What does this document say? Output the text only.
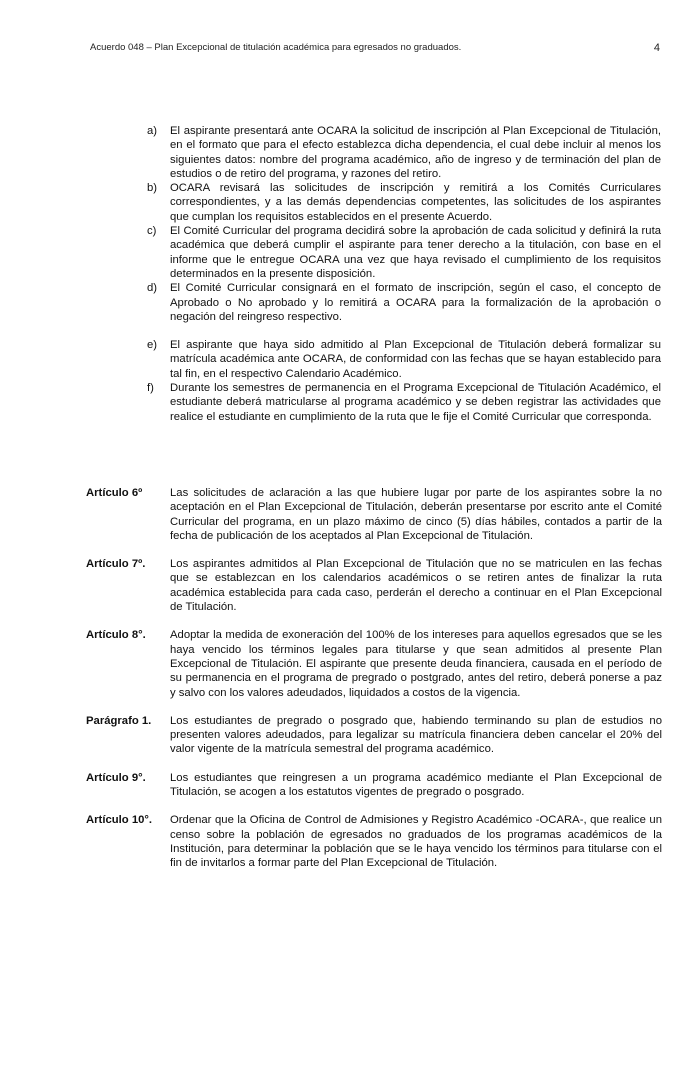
Acuerdo 048 – Plan Excepcional de titulación académica para egresados no graduados.	4
a)	El aspirante presentará ante OCARA la solicitud de inscripción al Plan Excepcional de Titulación, en el formato que para el efecto establezca dicha dependencia, el cual debe incluir al menos los siguientes datos: nombre del programa académico, año de ingreso y de terminación del plan de estudios o de retiro del programa, y razones del retiro.
b)	OCARA revisará las solicitudes de inscripción y remitirá a los Comités Curriculares correspondientes, y a las demás dependencias competentes, las solicitudes de los aspirantes que cumplan los requisitos establecidos en el presente Acuerdo.
c)	El Comité Curricular del programa decidirá sobre la aprobación de cada solicitud y definirá la ruta académica que deberá cumplir el aspirante para tener derecho a la titulación, con base en el informe que le entregue OCARA una vez que haya revisado el cumplimiento de los requisitos determinados en la presente disposición.
d)	El Comité Curricular consignará en el formato de inscripción, según el caso, el concepto de Aprobado o No aprobado y lo remitirá a OCARA para la formalización de la aprobación o negación del reingreso respectivo.
e)	El aspirante que haya sido admitido al Plan Excepcional de Titulación deberá formalizar su matrícula académica ante OCARA, de conformidad con las fechas que se hayan establecido para tal fin, en el respectivo Calendario Académico.
f)	Durante los semestres de permanencia en el Programa Excepcional de Titulación Académico, el estudiante deberá matricularse al programa académico y se deben registrar las actividades que realice el estudiante en cumplimiento de la ruta que le fije el Comité Curricular que corresponda.
Artículo 6º	Las solicitudes de aclaración a las que hubiere lugar por parte de los aspirantes sobre la no aceptación en el Plan Excepcional de Titulación, deberán presentarse por escrito ante el Comité Curricular del programa, en un plazo máximo de cinco (5) días hábiles, contados a partir de la fecha de publicación de los aceptados al Plan Excepcional de Titulación.
Artículo 7º.	Los aspirantes admitidos al Plan Excepcional de Titulación que no se matriculen en las fechas que se establezcan en los calendarios académicos o se retiren antes de finalizar la ruta académica establecida para cada caso, perderán el derecho a continuar en el Plan Excepcional de Titulación.
Artículo 8°.	Adoptar la medida de exoneración del 100% de los intereses para aquellos egresados que se les haya vencido los términos legales para titularse y que sean admitidos al presente Plan Excepcional de Titulación. El aspirante que presente deuda financiera, causada en el período de su permanencia en el programa de pregrado o postgrado, antes del retiro, deberá ponerse a paz y salvo con los valores adeudados, liquidados a costos de la vigencia.
Parágrafo 1.	Los estudiantes de pregrado o posgrado que, habiendo terminando su plan de estudios no presenten valores adeudados, para legalizar su matrícula financiera deben cancelar el 20% del valor vigente de la matrícula semestral del programa académico.
Artículo 9°.	Los estudiantes que reingresen a un programa académico mediante el Plan Excepcional de Titulación, se acogen a los estatutos vigentes de pregrado o posgrado.
Artículo 10°.	Ordenar que la Oficina de Control de Admisiones y Registro Académico -OCARA-, que realice un censo sobre la población de egresados no graduados de los programas académicos de la Institución, para determinar la población que se le haya vencido los términos para titularse con el fin de invitarlos a formar parte del Plan Excepcional de Titulación.
